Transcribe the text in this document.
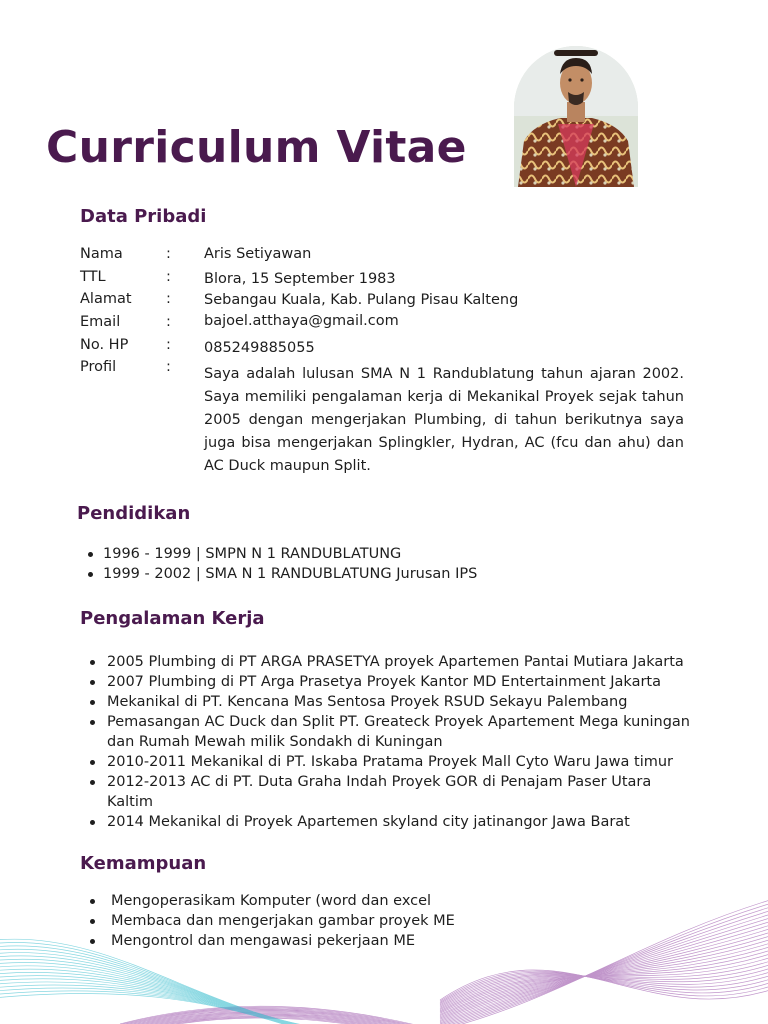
Curriculum Vitae
Data Pribadi
Nama	: Aris Setiyawan
TTL	: Blora, 15 September 1983
Alamat : Sebangau Kuala, Kab. Pulang Pisau Kalteng
Email	: bajoel.atthaya@gmail.com
No. HP	: 085249885055
Profil	: Saya adalah lulusan SMA N 1 Randublatung tahun ajaran 2002. Saya memiliki pengalaman kerja di Mekanikal Proyek sejak tahun 2005 dengan mengerjakan Plumbing, di tahun berikutnya saya juga bisa mengerjakan Splingkler, Hydran, AC (fcu dan ahu) dan AC Duck maupun Split.

Pendidikan
1996 - 1999 | SMPN N 1 RANDUBLATUNG
1999 - 2002 | SMA N 1 RANDUBLATUNG Jurusan IPS
Pengalaman Kerja
2005 Plumbing di PT ARGA PRASETYA proyek Apartemen Pantai Mutiara Jakarta
2007 Plumbing di PT Arga Prasetya Proyek Kantor MD Entertainment Jakarta
Mekanikal di PT. Kencana Mas Sentosa Proyek RSUD Sekayu Palembang
Pemasangan AC Duck dan Split PT. Greateck Proyek Apartement Mega kuningan
dan Rumah Mewah milik Sondakh di Kuningan
2010-2011 Mekanikal di PT. Iskaba Pratama Proyek Mall Cyto Waru Jawa timur
2012-2013 AC di PT. Duta Graha Indah Proyek GOR di Penajam Paser Utara
Kaltim
2014 Mekanikal di Proyek Apartemen skyland city jatinangor Jawa Barat
Kemampuan
Mengoperasikam Komputer (word dan excel
Membaca dan mengerjakan gambar proyek ME
Mengontrol dan mengawasi pekerjaan ME
